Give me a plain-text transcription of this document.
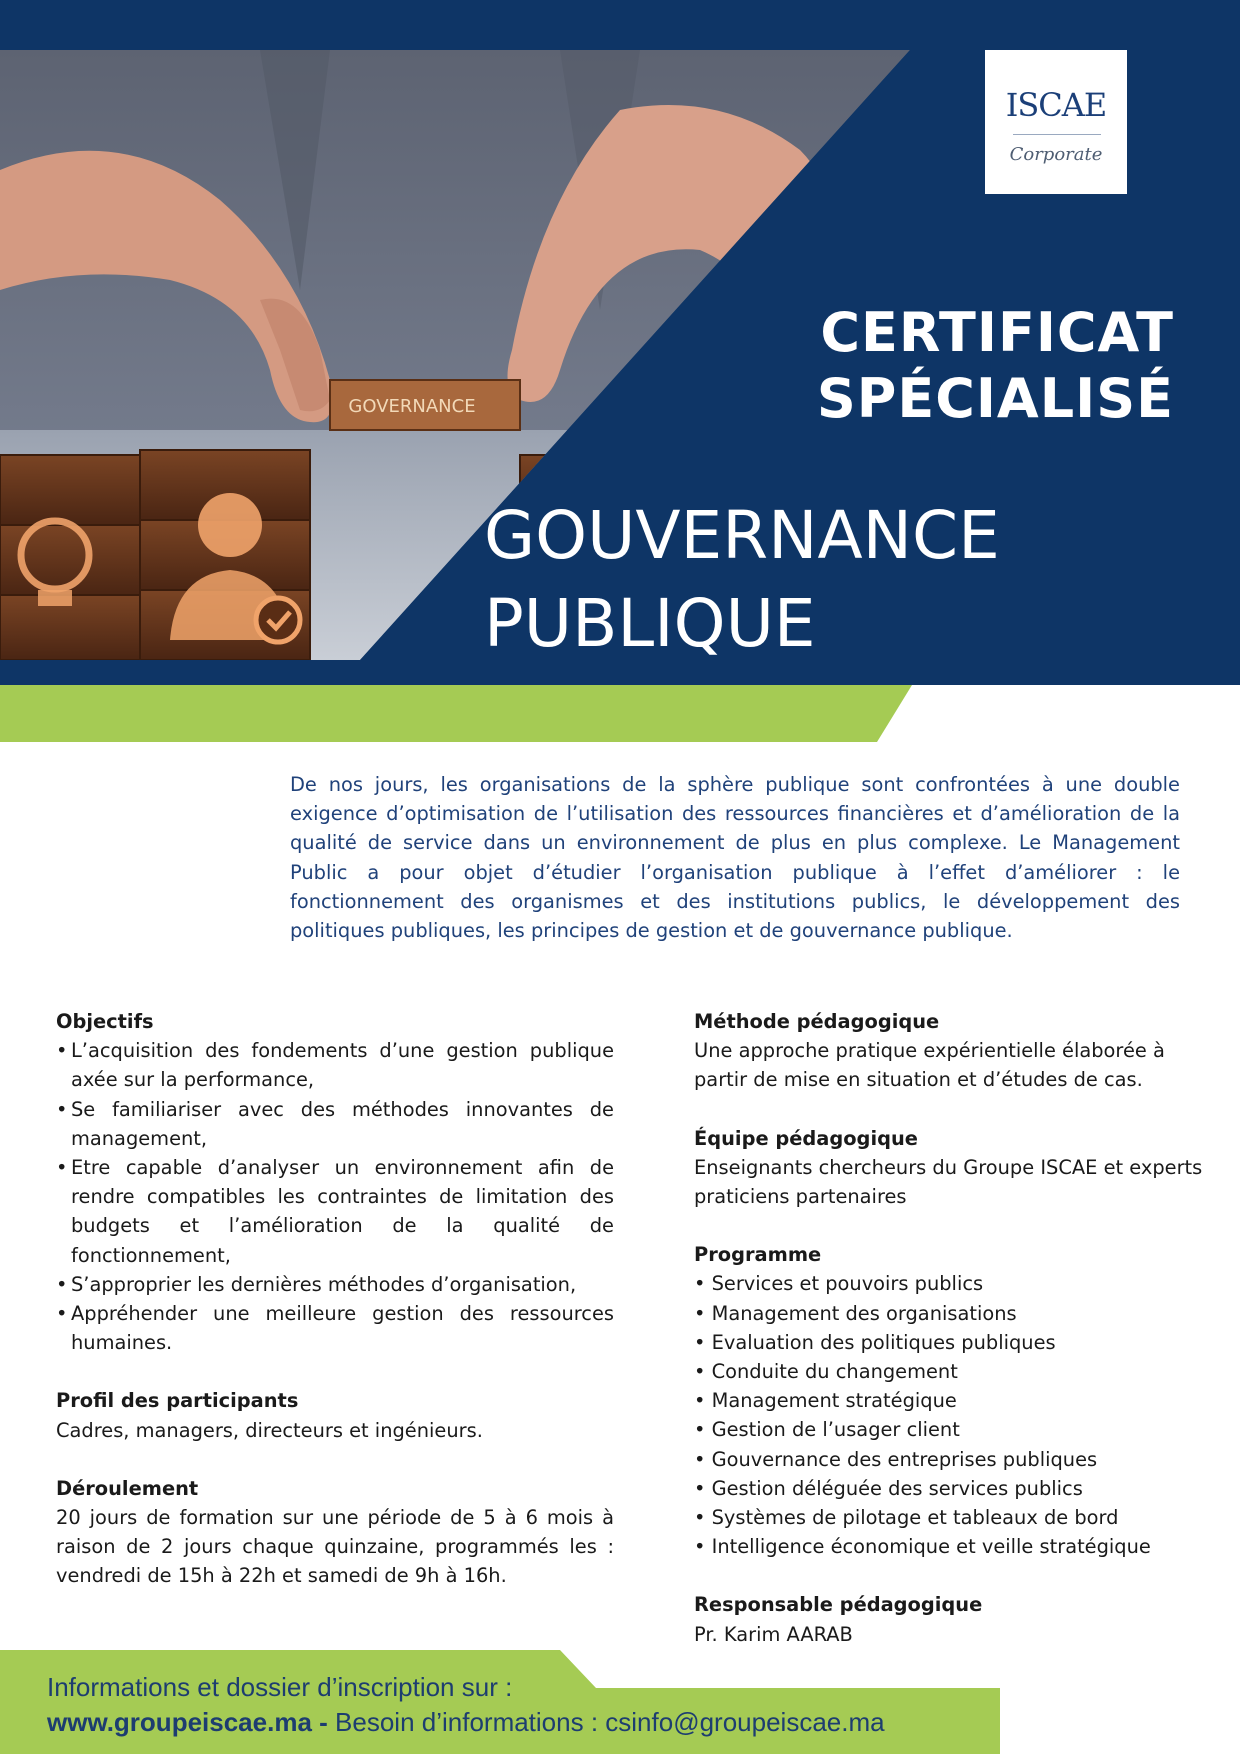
GOVERNANCE
ISCAE
Corporate
CERTIFICAT
SPÉCIALISÉ
GOUVERNANCE
PUBLIQUE

De nos jours, les organisations de la sphère publique sont confrontées à une double exigence d’optimisation de l’utilisation des ressources financières et d’amélioration de la qualité de service dans un environnement de plus en plus complexe. Le Management Public a pour objet d’étudier l’organisation publique à l’effet d’améliorer : le fonctionnement des organismes et des institutions publics, le développement des politiques publiques, les principes de gestion et de gouvernance publique.

Objectifs
• L’acquisition des fondements d’une gestion publique axée sur la performance,
• Se familiariser avec des méthodes innovantes de management,
• Etre capable d’analyser un environnement afin de rendre compatibles les contraintes de limitation des budgets et l’amélioration de la qualité de fonctionnement,
• S’approprier les dernières méthodes d’organisation,
• Appréhender une meilleure gestion des ressources humaines.
Profil des participants

Cadres, managers, directeurs et ingénieurs.

Déroulement

20 jours de formation sur une période de 5 à 6 mois à raison de 2 jours chaque quinzaine, programmés les : vendredi de 15h à 22h et samedi de 9h à 16h.

Méthode pédagogique

Une approche pratique expérientielle élaborée à partir de mise en situation et d’études de cas.

Équipe pédagogique

Enseignants chercheurs du Groupe ISCAE et experts praticiens partenaires

Programme
• Services et pouvoirs publics
• Management des organisations
• Evaluation des politiques publiques
• Conduite du changement
• Management stratégique
• Gestion de l’usager client
• Gouvernance des entreprises publiques
• Gestion déléguée des services publics
• Systèmes de pilotage et tableaux de bord
• Intelligence économique et veille stratégique
Responsable pédagogique

Pr. Karim AARAB

Informations et dossier d’inscription sur :
www.groupeiscae.ma - Besoin d’informations : csinfo@groupeiscae.ma
